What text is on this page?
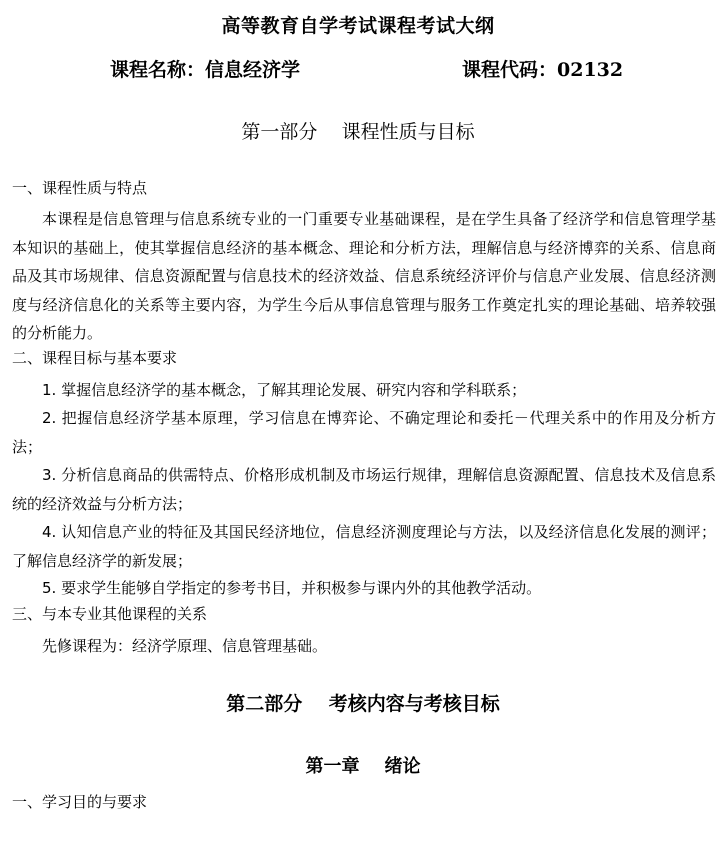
高等教育自学考试课程考试大纲
课程名称：信息经济学	课程代码：02132
第一部分    课程性质与目标
一、课程性质与特点

本课程是信息管理与信息系统专业的一门重要专业基础课程，是在学生具备了经济学和信息管理学基本知识的基础上，使其掌握信息经济的基本概念、理论和分析方法，理解信息与经济博弈的关系、信息商品及其市场规律、信息资源配置与信息技术的经济效益、信息系统经济评价与信息产业发展、信息经济测度与经济信息化的关系等主要内容，为学生今后从事信息管理与服务工作奠定扎实的理论基础、培养较强的分析能力。

二、课程目标与基本要求

1. 掌握信息经济学的基本概念，了解其理论发展、研究内容和学科联系；

2. 把握信息经济学基本原理，学习信息在博弈论、不确定理论和委托－代理关系中的作用及分析方法；

3. 分析信息商品的供需特点、价格形成机制及市场运行规律，理解信息资源配置、信息技术及信息系统的经济效益与分析方法；

4. 认知信息产业的特征及其国民经济地位，信息经济测度理论与方法，以及经济信息化发展的测评；了解信息经济学的新发展；

5. 要求学生能够自学指定的参考书目，并积极参与课内外的其他教学活动。

三、与本专业其他课程的关系
先修课程为：经济学原理、信息管理基础。
第二部分    考核内容与考核目标
第一章    绪论
一、学习目的与要求
